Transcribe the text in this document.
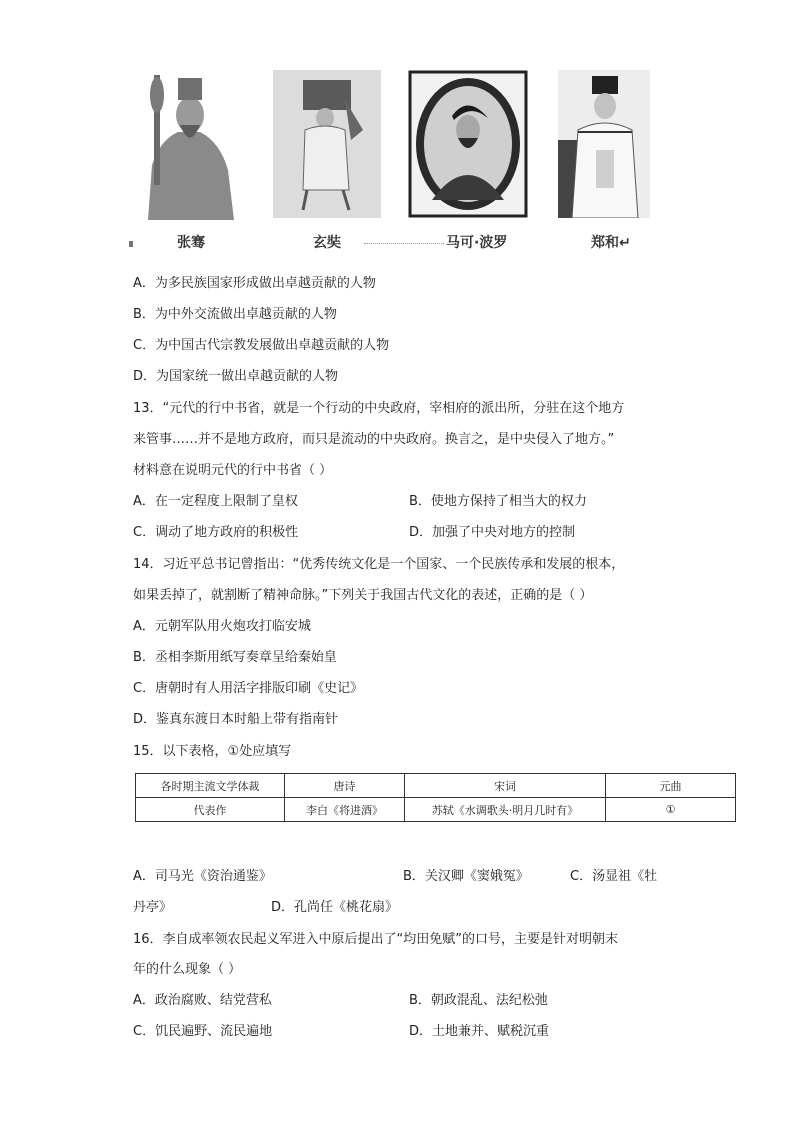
张骞	玄奘	马可·波罗	郑和↵
A．为多民族国家形成做出卓越贡献的人物
B．为中外交流做出卓越贡献的人物
C．为中国古代宗教发展做出卓越贡献的人物
D．为国家统一做出卓越贡献的人物
13．“元代的行中书省，就是一个行动的中央政府，宰相府的派出所，分驻在这个地方
来管事……并不是地方政府，而只是流动的中央政府。换言之，是中央侵入了地方。”
材料意在说明元代的行中书省（ ）
A．在一定程度上限制了皇权	B．使地方保持了相当大的权力
C．调动了地方政府的积极性	D．加强了中央对地方的控制
14．习近平总书记曾指出：“优秀传统文化是一个国家、一个民族传承和发展的根本，
如果丢掉了，就割断了精神命脉。”下列关于我国古代文化的表述，正确的是（ ）
A．元朝军队用火炮攻打临安城
B．丞相李斯用纸写奏章呈给秦始皇
C．唐朝时有人用活字排版印刷《史记》
D．鉴真东渡日本时船上带有指南针
15．以下表格，①处应填写
各时期主流文学体裁	唐诗	宋词	元曲
代表作	李白《将进酒》	苏轼《水调歌头·明月几时有》	①
A．司马光《资治通鉴》	B．关汉卿《窦娥冤》	C．汤显祖《牡
丹亭》	D．孔尚任《桃花扇》
16．李自成率领农民起义军进入中原后提出了“均田免赋”的口号，主要是针对明朝末
年的什么现象（ ）
A．政治腐败、结党营私	B．朝政混乱、法纪松弛
C．饥民遍野、流民遍地	D．土地兼并、赋税沉重
